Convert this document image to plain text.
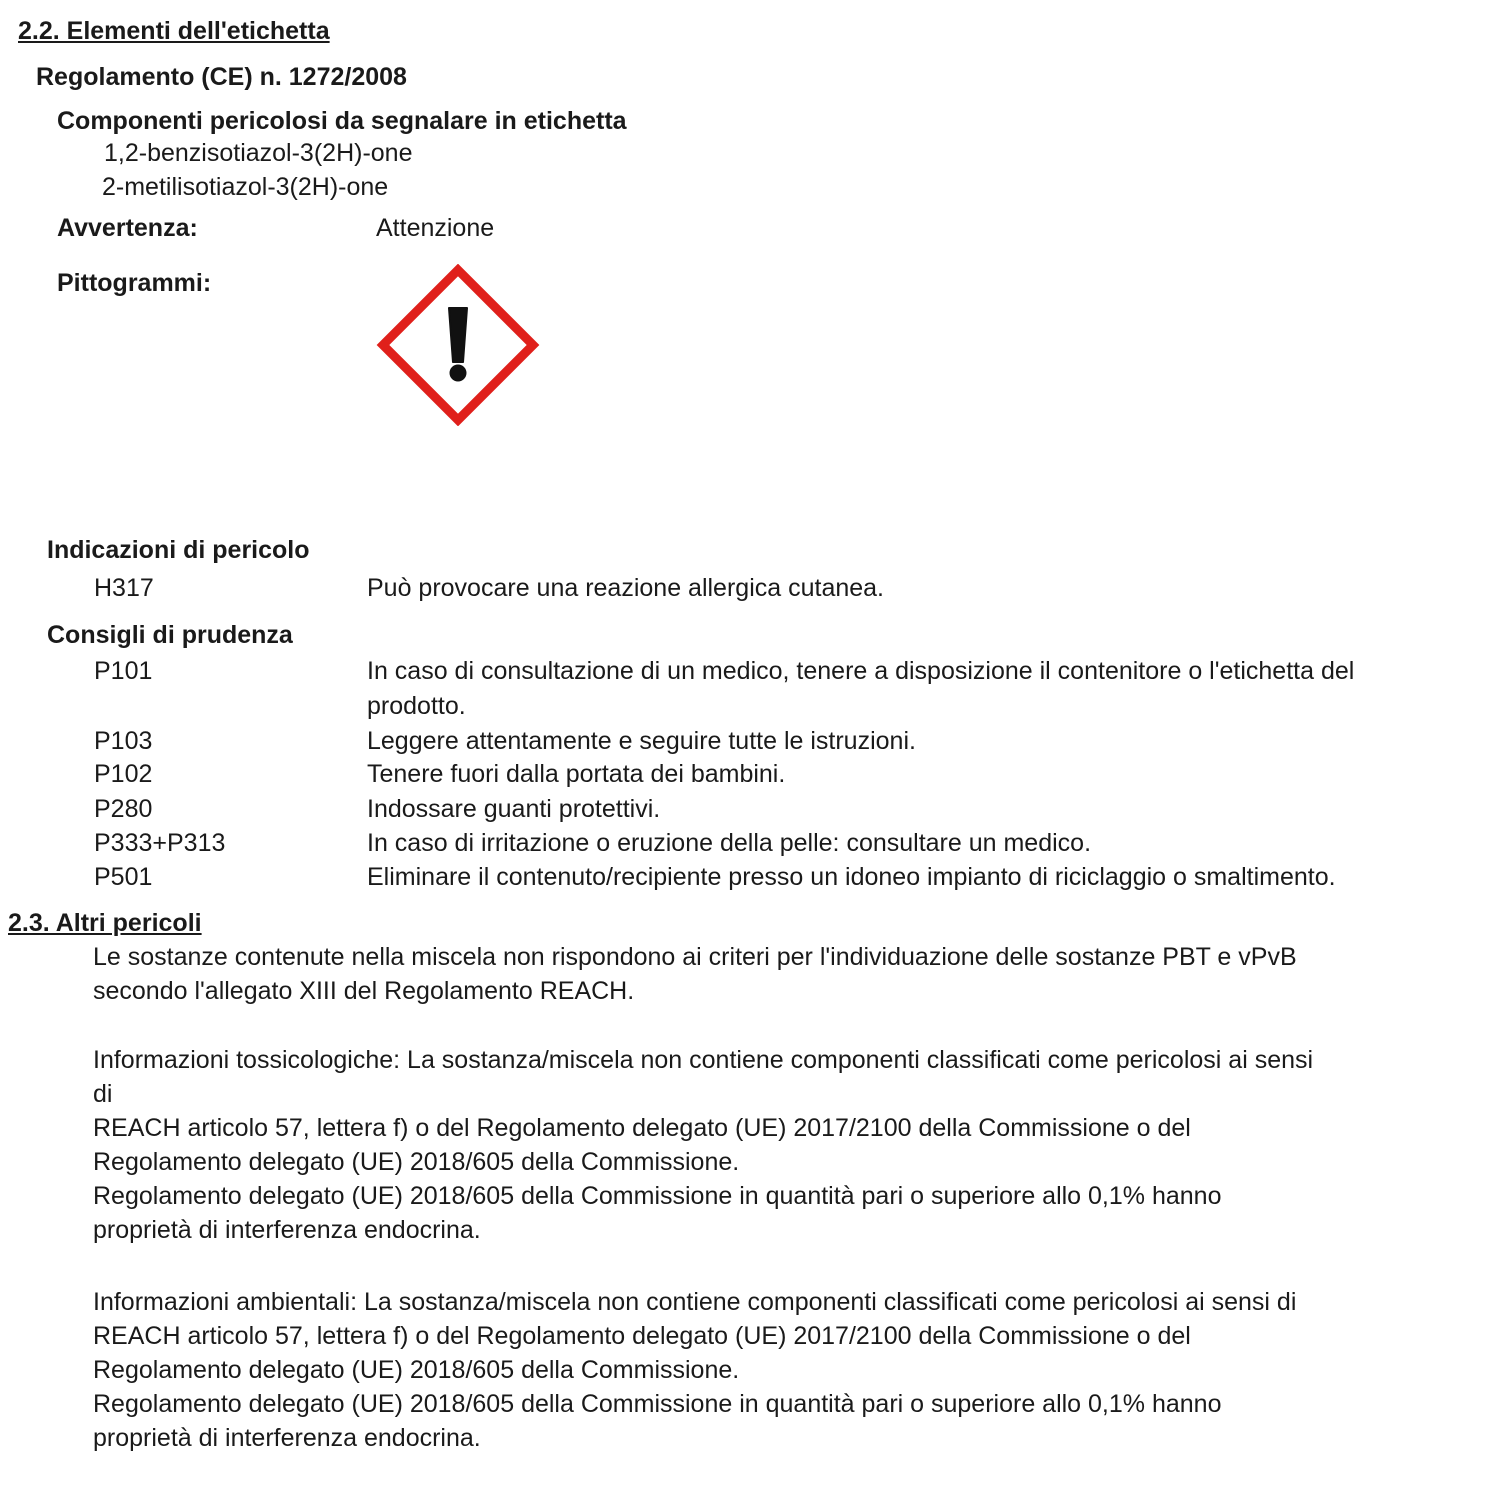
2.2. Elementi dell'etichetta
Regolamento (CE) n. 1272/2008
Componenti pericolosi da segnalare in etichetta
1,2-benzisotiazol-3(2H)-one
2-metilisotiazol-3(2H)-one
Avvertenza:	Attenzione
Pittogrammi:
Indicazioni di pericolo
H317	Può provocare una reazione allergica cutanea.
Consigli di prudenza
P101	In caso di consultazione di un medico, tenere a disposizione il contenitore o l'etichetta del
prodotto.
P103	Leggere attentamente e seguire tutte le istruzioni.
P102	Tenere fuori dalla portata dei bambini.
P280	Indossare guanti protettivi.
P333+P313	In caso di irritazione o eruzione della pelle: consultare un medico.
P501	Eliminare il contenuto/recipiente presso un idoneo impianto di riciclaggio o smaltimento.
2.3. Altri pericoli

Le sostanze contenute nella miscela non rispondono ai criteri per l'individuazione delle sostanze PBT e vPvB

secondo l'allegato XIII del Regolamento REACH.

Informazioni tossicologiche: La sostanza/miscela non contiene componenti classificati come pericolosi ai sensi

di

REACH articolo 57, lettera f) o del Regolamento delegato (UE) 2017/2100 della Commissione o del

Regolamento delegato (UE) 2018/605 della Commissione.

Regolamento delegato (UE) 2018/605 della Commissione in quantità pari o superiore allo 0,1% hanno

proprietà di interferenza endocrina.

Informazioni ambientali: La sostanza/miscela non contiene componenti classificati come pericolosi ai sensi di

REACH articolo 57, lettera f) o del Regolamento delegato (UE) 2017/2100 della Commissione o del

Regolamento delegato (UE) 2018/605 della Commissione.

Regolamento delegato (UE) 2018/605 della Commissione in quantità pari o superiore allo 0,1% hanno

proprietà di interferenza endocrina.
